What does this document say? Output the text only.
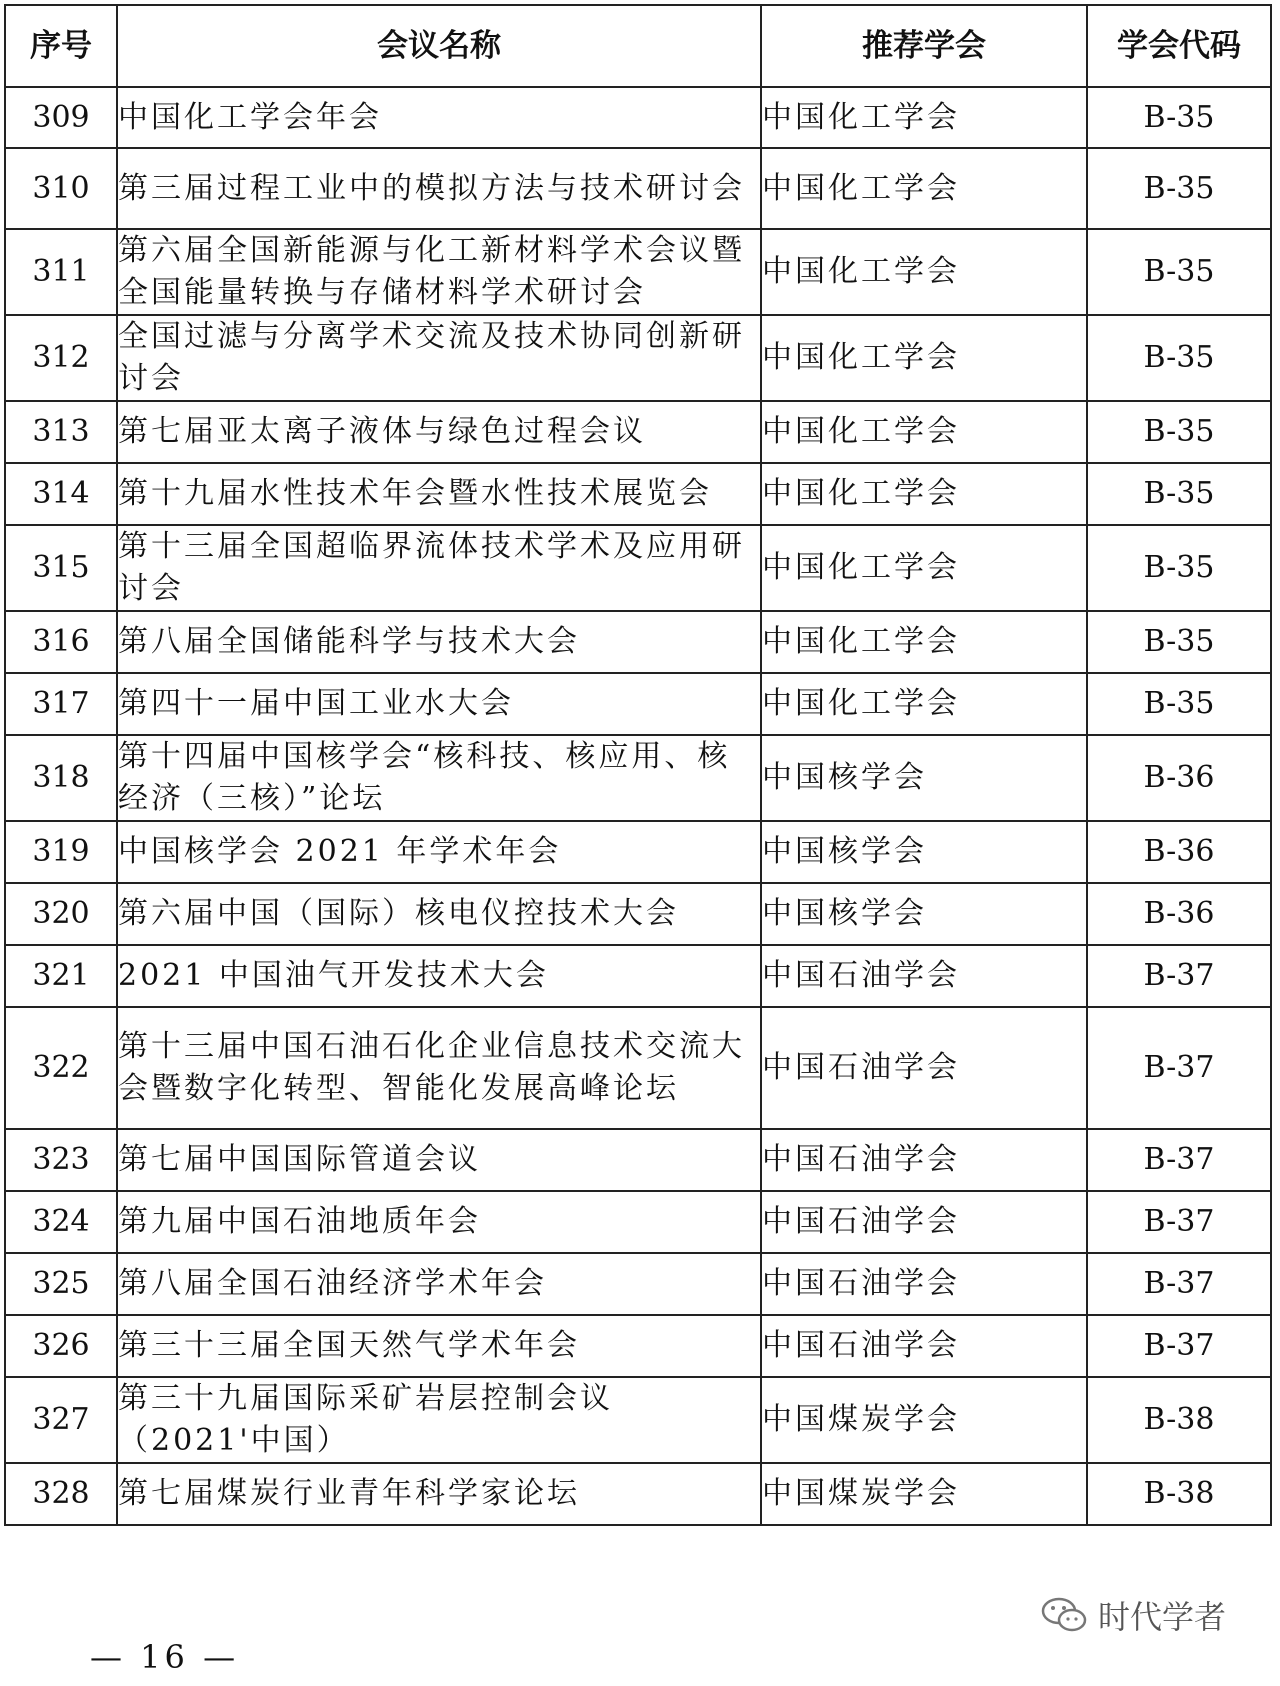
序号	会议名称	推荐学会	学会代码
309	中国化工学会年会	中国化工学会	B-35
310	第三届过程工业中的模拟方法与技术研讨会	中国化工学会	B-35
311	第六届全国新能源与化工新材料学术会议暨全国能量转换与存储材料学术研讨会	中国化工学会	B-35
312	全国过滤与分离学术交流及技术协同创新研讨会	中国化工学会	B-35
313	第七届亚太离子液体与绿色过程会议	中国化工学会	B-35
314	第十九届水性技术年会暨水性技术展览会	中国化工学会	B-35
315	第十三届全国超临界流体技术学术及应用研讨会	中国化工学会	B-35
316	第八届全国储能科学与技术大会	中国化工学会	B-35
317	第四十一届中国工业水大会	中国化工学会	B-35
318	第十四届中国核学会“核科技、核应用、核经济（三核）”论坛	中国核学会	B-36
319	中国核学会 2021 年学术年会	中国核学会	B-36
320	第六届中国（国际）核电仪控技术大会	中国核学会	B-36
321	2021 中国油气开发技术大会	中国石油学会	B-37
322	第十三届中国石油石化企业信息技术交流大会暨数字化转型、智能化发展高峰论坛	中国石油学会	B-37
323	第七届中国国际管道会议	中国石油学会	B-37
324	第九届中国石油地质年会	中国石油学会	B-37
325	第八届全国石油经济学术年会	中国石油学会	B-37
326	第三十三届全国天然气学术年会	中国石油学会	B-37
327	第三十九届国际采矿岩层控制会议（2021'中国）	中国煤炭学会	B-38
328	第七届煤炭行业青年科学家论坛	中国煤炭学会	B-38
时代学者
— 16 —
